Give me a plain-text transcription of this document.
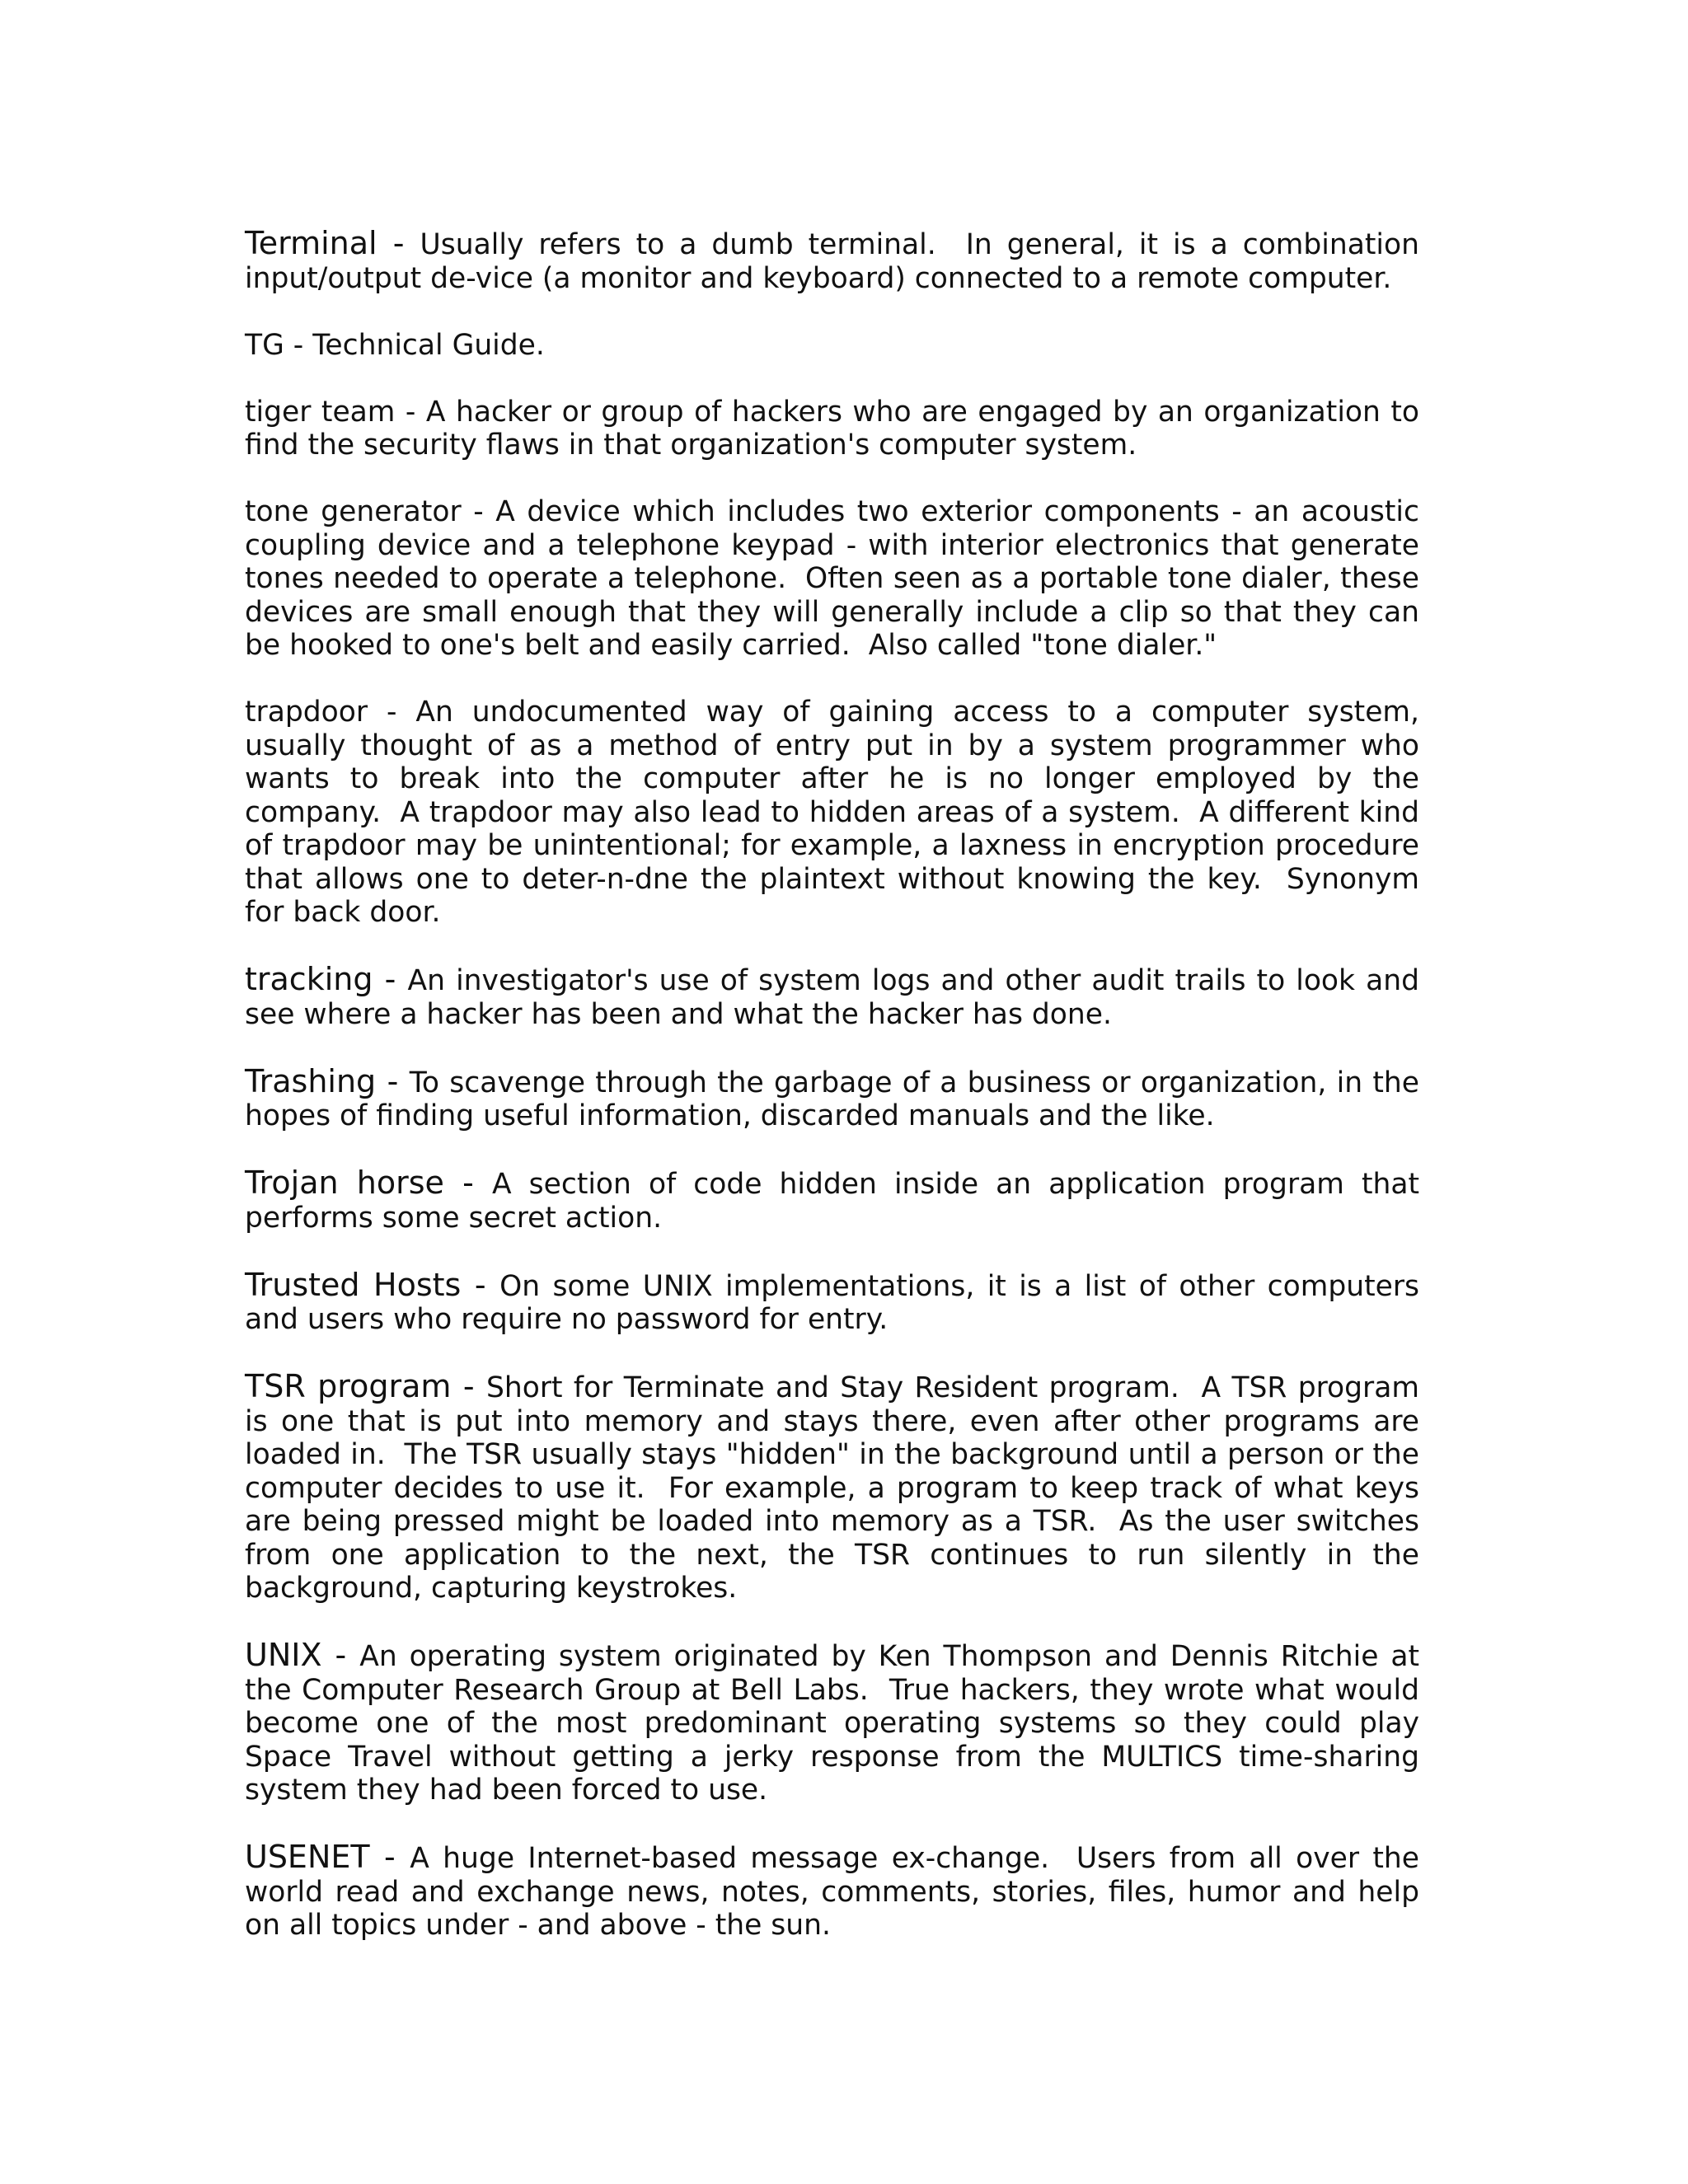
Terminal - Usually refers to a dumb terminal.  In general, it is a combination input/output de-vice (a monitor and keyboard) connected to a remote computer.

TG - Technical Guide.

tiger team - A hacker or group of hackers who are engaged by an organization to find the security flaws in that organization's computer system.

tone generator - A device which includes two exterior components - an acoustic coupling device and a telephone keypad - with interior electronics that generate tones needed to operate a telephone.  Often seen as a portable tone dialer, these devices are small enough that they will generally include a clip so that they can be hooked to one's belt and easily carried.  Also called "tone dialer."

trapdoor - An undocumented way of gaining access to a computer system, usually thought of as a method of entry put in by a system programmer who wants to break into the computer after he is no longer employed by the company.  A trapdoor may also lead to hidden areas of a system.  A different kind of trapdoor may be unintentional; for example, a laxness in encryption procedure that allows one to deter-n-dne the plaintext without knowing the key.  Synonym for back door.

tracking - An investigator's use of system logs and other audit trails to look and see where a hacker has been and what the hacker has done.

Trashing - To scavenge through the garbage of a business or organization, in the hopes of finding useful information, discarded manuals and the like.

Trojan horse - A section of code hidden inside an application program that performs some secret action.

Trusted Hosts - On some UNIX implementations, it is a list of other computers and users who require no password for entry.

TSR program - Short for Terminate and Stay Resident program.  A TSR program is one that is put into memory and stays there, even after other programs are loaded in.  The TSR usually stays "hidden" in the background until a person or the computer decides to use it.  For example, a program to keep track of what keys are being pressed might be loaded into memory as a TSR.  As the user switches from one application to the next, the TSR continues to run silently in the background, capturing keystrokes.

UNIX - An operating system originated by Ken Thompson and Dennis Ritchie at the Computer Research Group at Bell Labs.  True hackers, they wrote what would become one of the most predominant operating systems so they could play Space Travel without getting a jerky response from the MULTICS time-sharing system they had been forced to use.

USENET - A huge Internet-based message ex-change.  Users from all over the world read and exchange news, notes, comments, stories, files, humor and help on all topics under - and above - the sun.
